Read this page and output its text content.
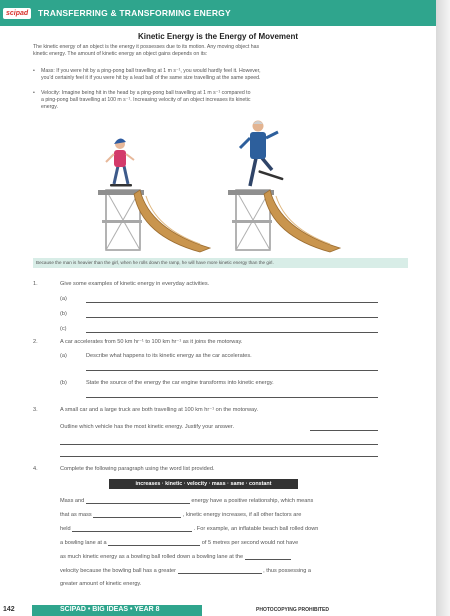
scipad	TRANSFERRING & TRANSFORMING ENERGY
Kinetic Energy is the Energy of Movement
The kinetic energy of an object is the energy it possesses due to its motion. Any moving object has
kinetic energy. The amount of kinetic energy an object gains depends on its:
•	Mass: If you were hit by a ping-pong ball travelling at 1 m s⁻¹, you would hardly feel it. However,
you’d certainly feel it if you were hit by a lead ball of the same size travelling at the same speed.
•	Velocity: Imagine being hit in the head by a ping-pong ball travelling at 1 m s⁻¹ compared to
a ping-pong ball travelling at 100 m s⁻¹. Increasing velocity of an object increases its kinetic
energy.
Because the man is heavier than the girl, when he rolls down the ramp, he will have more kinetic energy than the girl.
1.	Give some examples of kinetic energy in everyday activities.
(a)
(b)
(c)
2.	A car accelerates from 50 km hr⁻¹ to 100 km hr⁻¹ as it joins the motorway.
(a)	Describe what happens to its kinetic energy as the car accelerates.
(b)	State the source of the energy the car engine transforms into kinetic energy.
3.	A small car and a large truck are both travelling at 100 km hr⁻¹ on the motorway.
Outline which vehicle has the most kinetic energy. Justify your answer.
4.	Complete the following paragraph using the word list provided.
increases · kinetic · velocity · mass · same · constant
Mass and	energy have a positive relationship, which means
that as mass	, kinetic energy increases, if all other factors are
held	. For example, an inflatable beach ball rolled down
a bowling lane at a	of 5 metres per second would not have
as much kinetic energy as a bowling ball rolled down a bowling lane at the
velocity because the bowling ball has a greater	, thus possessing a
greater amount of kinetic energy.
142	SCIPAD • BIG IDEAS • YEAR 8	PHOTOCOPYING PROHIBITED
